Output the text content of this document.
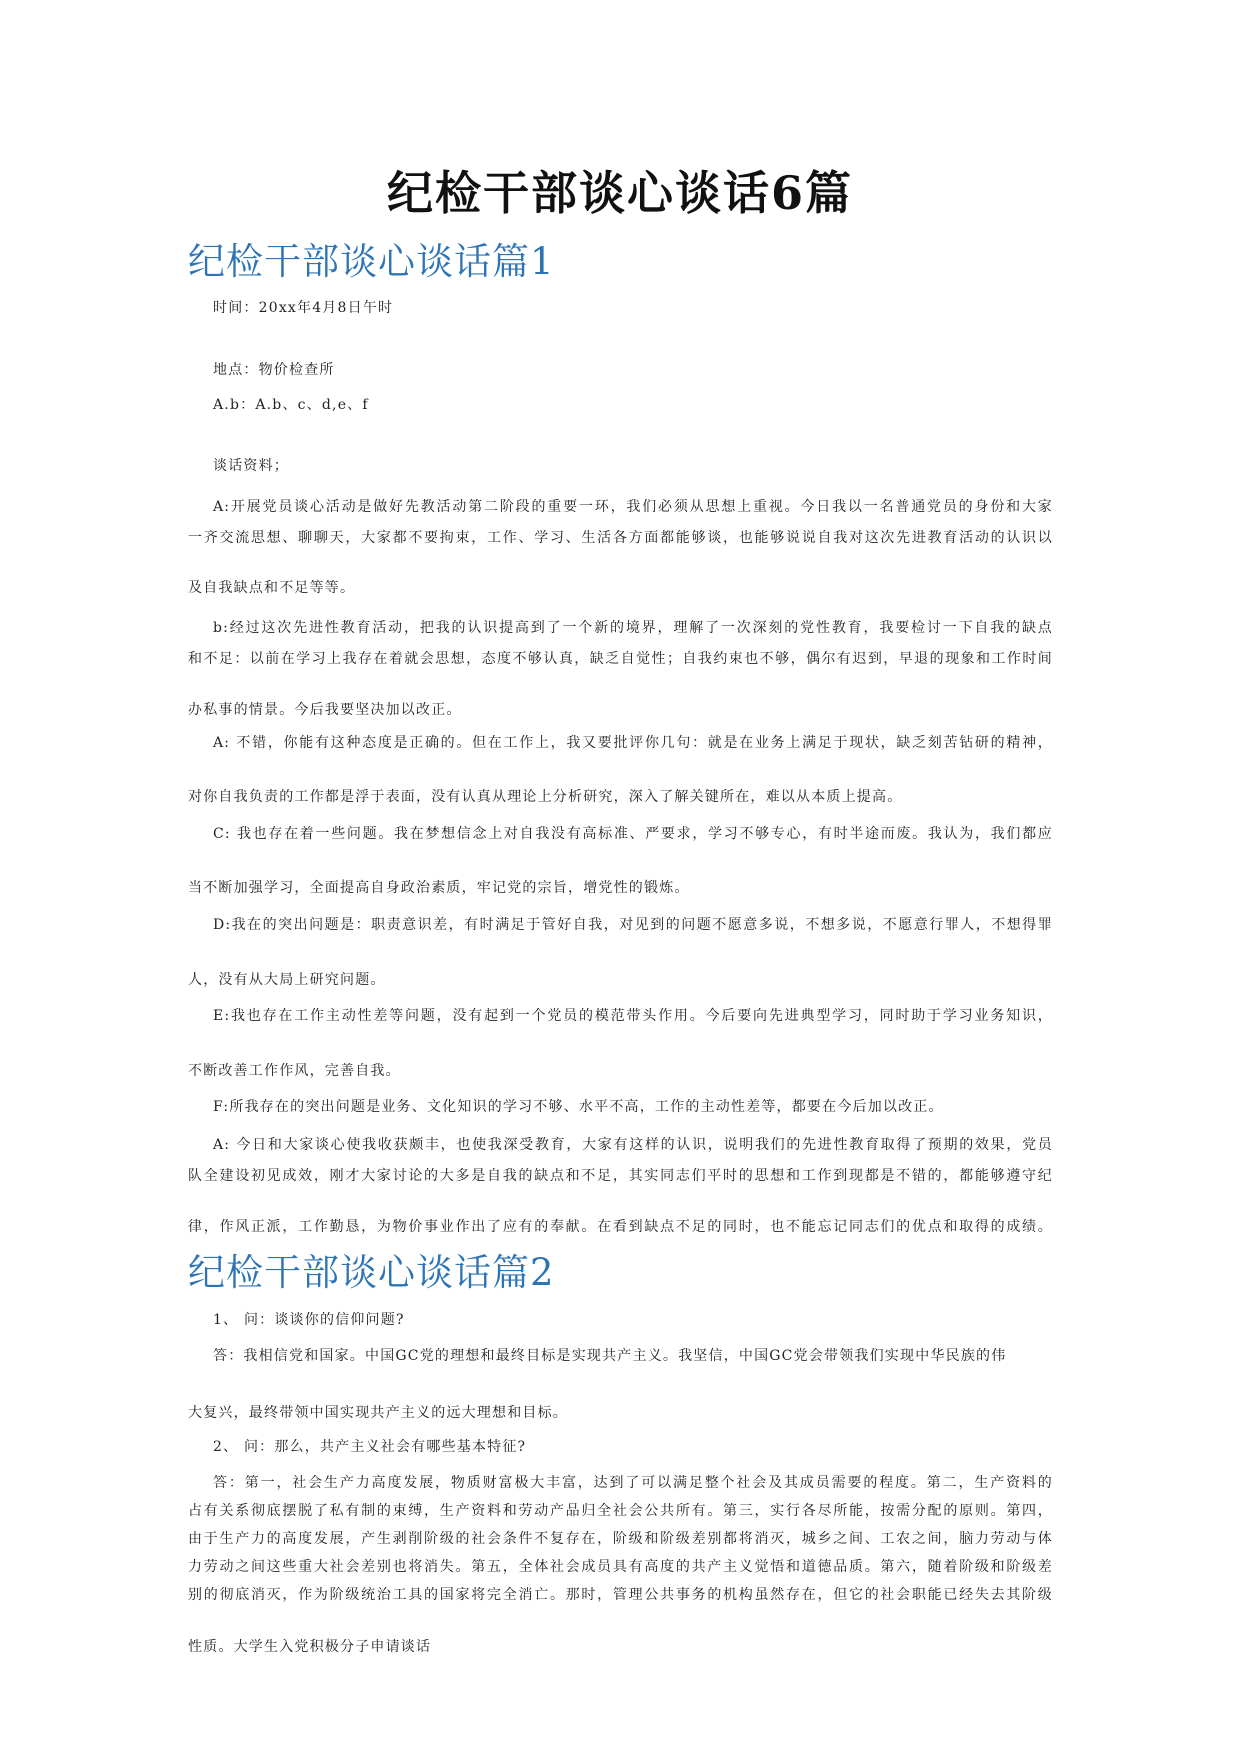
纪检干部谈心谈话6篇
纪检干部谈心谈话篇1
时间：20xx年4月8日午时
地点：物价检查所
A.b：A.b、c、d,e、f
谈话资料；
A:开展党员谈心活动是做好先教活动第二阶段的重要一环，我们必须从思想上重视。今日我以一名普通党员的身份和大家
一齐交流思想、聊聊天，大家都不要拘束，工作、学习、生活各方面都能够谈，也能够说说自我对这次先进教育活动的认识以
及自我缺点和不足等等。
b:经过这次先进性教育活动，把我的认识提高到了一个新的境界，理解了一次深刻的党性教育，我要检讨一下自我的缺点
和不足：以前在学习上我存在着就会思想，态度不够认真，缺乏自觉性；自我约束也不够，偶尔有迟到，早退的现象和工作时间
办私事的情景。今后我要坚决加以改正。
A: 不错，你能有这种态度是正确的。但在工作上，我又要批评你几句：就是在业务上满足于现状，缺乏刻苦钻研的精神，
对你自我负责的工作都是浮于表面，没有认真从理论上分析研究，深入了解关键所在，难以从本质上提高。
C: 我也存在着一些问题。我在梦想信念上对自我没有高标准、严要求，学习不够专心，有时半途而废。我认为，我们都应
当不断加强学习，全面提高自身政治素质，牢记党的宗旨，增党性的锻炼。
D:我在的突出问题是：职责意识差，有时满足于管好自我，对见到的问题不愿意多说，不想多说，不愿意行罪人，不想得罪
人，没有从大局上研究问题。
E:我也存在工作主动性差等问题，没有起到一个党员的模范带头作用。今后要向先进典型学习，同时助于学习业务知识，
不断改善工作作风，完善自我。
F:所我存在的突出问题是业务、文化知识的学习不够、水平不高，工作的主动性差等，都要在今后加以改正。
A: 今日和大家谈心使我收获颇丰，也使我深受教育，大家有这样的认识，说明我们的先进性教育取得了预期的效果，党员
队全建设初见成效，刚才大家讨论的大多是自我的缺点和不足，其实同志们平时的思想和工作到现都是不错的，都能够遵守纪
律，作风正派，工作勤恳，为物价事业作出了应有的奉献。在看到缺点不足的同时，也不能忘记同志们的优点和取得的成绩。
纪检干部谈心谈话篇2
1、 问：谈谈你的信仰问题?
答：我相信党和国家。中国GC党的理想和最终目标是实现共产主义。我坚信，中国GC党会带领我们实现中华民族的伟
大复兴，最终带领中国实现共产主义的远大理想和目标。
2、 问：那么，共产主义社会有哪些基本特征?
答：第一，社会生产力高度发展，物质财富极大丰富，达到了可以满足整个社会及其成员需要的程度。第二，生产资料的
占有关系彻底摆脱了私有制的束缚，生产资料和劳动产品归全社会公共所有。第三，实行各尽所能，按需分配的原则。第四，
由于生产力的高度发展，产生剥削阶级的社会条件不复存在，阶级和阶级差别都将消灭，城乡之间、工农之间，脑力劳动与体
力劳动之间这些重大社会差别也将消失。第五，全体社会成员具有高度的共产主义觉悟和道德品质。第六，随着阶级和阶级差
别的彻底消灭，作为阶级统治工具的国家将完全消亡。那时，管理公共事务的机构虽然存在，但它的社会职能已经失去其阶级
性质。大学生入党积极分子申请谈话
